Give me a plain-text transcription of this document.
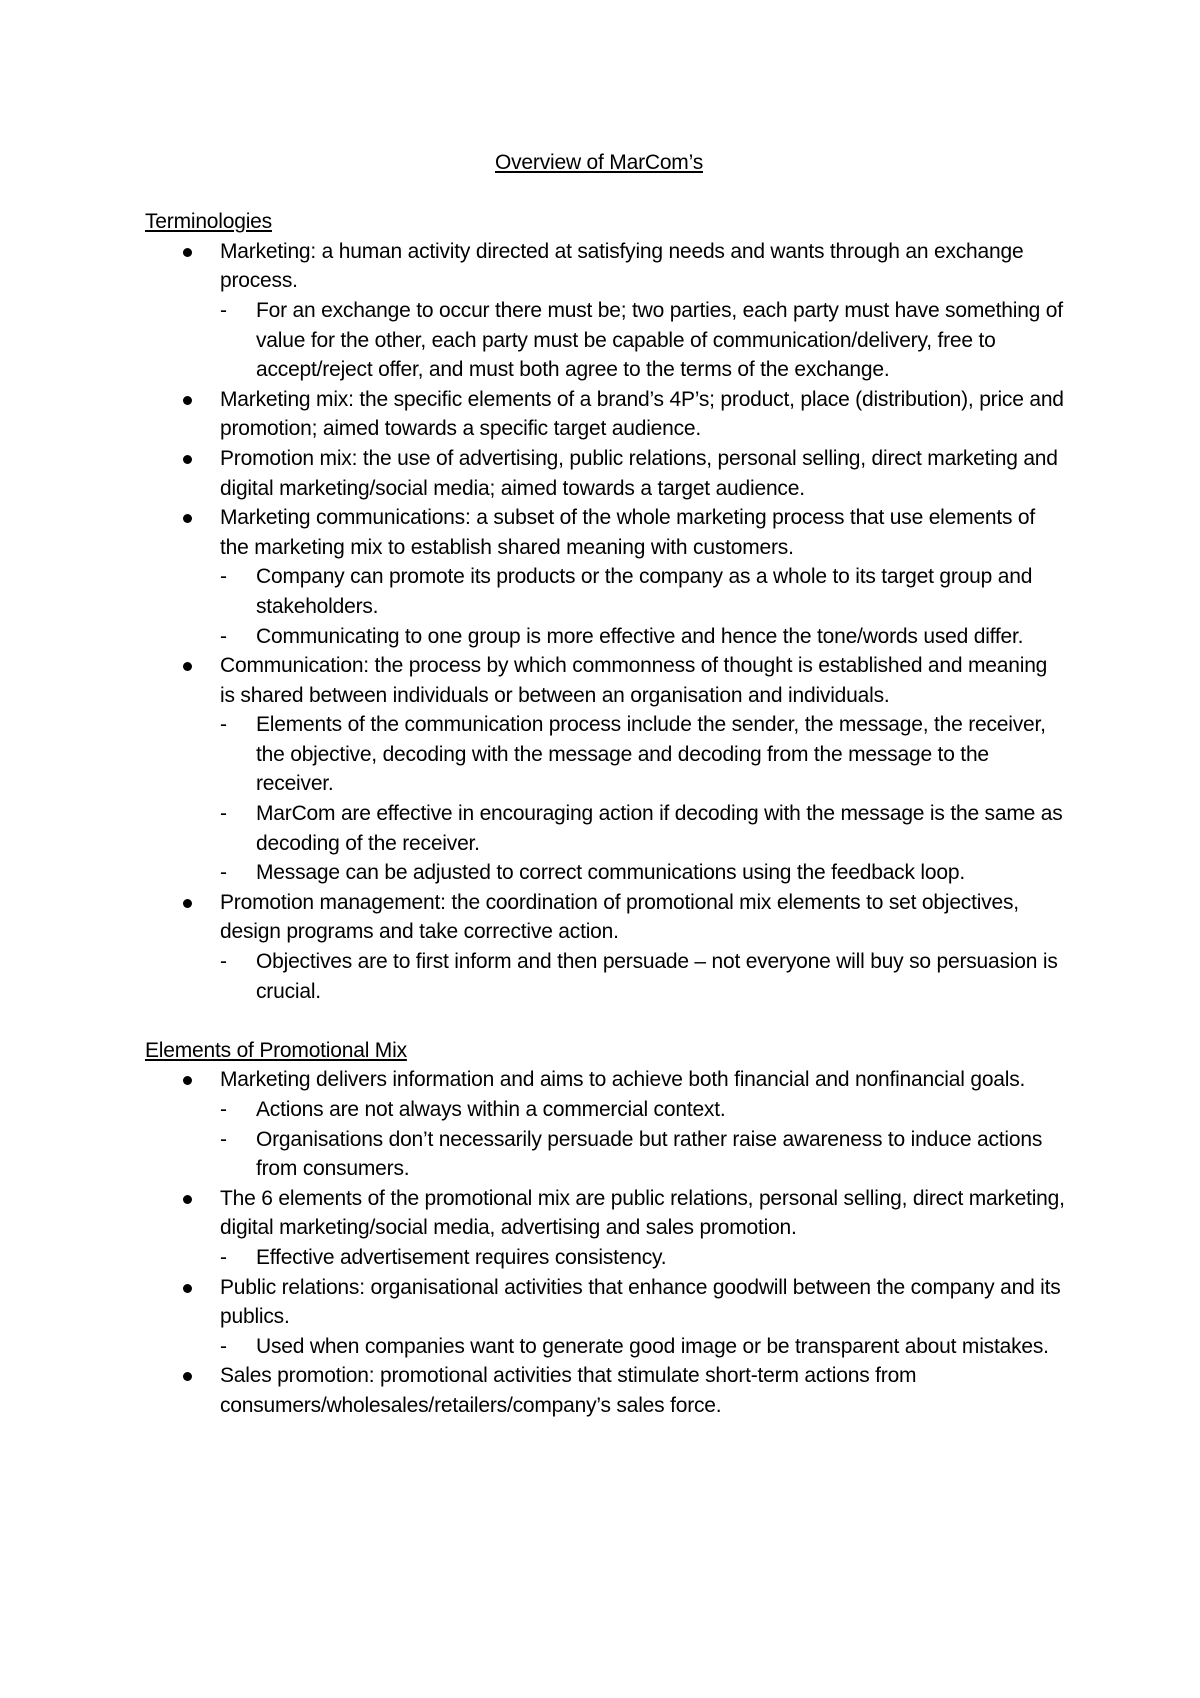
Overview of MarCom’s
Terminologies
Marketing: a human activity directed at satisfying needs and wants through an exchange process.
- For an exchange to occur there must be; two parties, each party must have something of value for the other, each party must be capable of communication/delivery, free to accept/reject offer, and must both agree to the terms of the exchange.
Marketing mix: the specific elements of a brand’s 4P’s; product, place (distribution), price and promotion; aimed towards a specific target audience.
Promotion mix: the use of advertising, public relations, personal selling, direct marketing and digital marketing/social media; aimed towards a target audience.
Marketing communications: a subset of the whole marketing process that use elements of the marketing mix to establish shared meaning with customers.
- Company can promote its products or the company as a whole to its target group and stakeholders.
- Communicating to one group is more effective and hence the tone/words used differ.
Communication: the process by which commonness of thought is established and meaning is shared between individuals or between an organisation and individuals.
- Elements of the communication process include the sender, the message, the receiver, the objective, decoding with the message and decoding from the message to the receiver.
- MarCom are effective in encouraging action if decoding with the message is the same as decoding of the receiver.
- Message can be adjusted to correct communications using the feedback loop.
Promotion management: the coordination of promotional mix elements to set objectives, design programs and take corrective action.
- Objectives are to first inform and then persuade – not everyone will buy so persuasion is crucial.
Elements of Promotional Mix
Marketing delivers information and aims to achieve both financial and nonfinancial goals.
- Actions are not always within a commercial context.
- Organisations don’t necessarily persuade but rather raise awareness to induce actions from consumers.
The 6 elements of the promotional mix are public relations, personal selling, direct marketing, digital marketing/social media, advertising and sales promotion.
- Effective advertisement requires consistency.
Public relations: organisational activities that enhance goodwill between the company and its publics.
- Used when companies want to generate good image or be transparent about mistakes.
Sales promotion: promotional activities that stimulate short-term actions from consumers/wholesales/retailers/company’s sales force.
